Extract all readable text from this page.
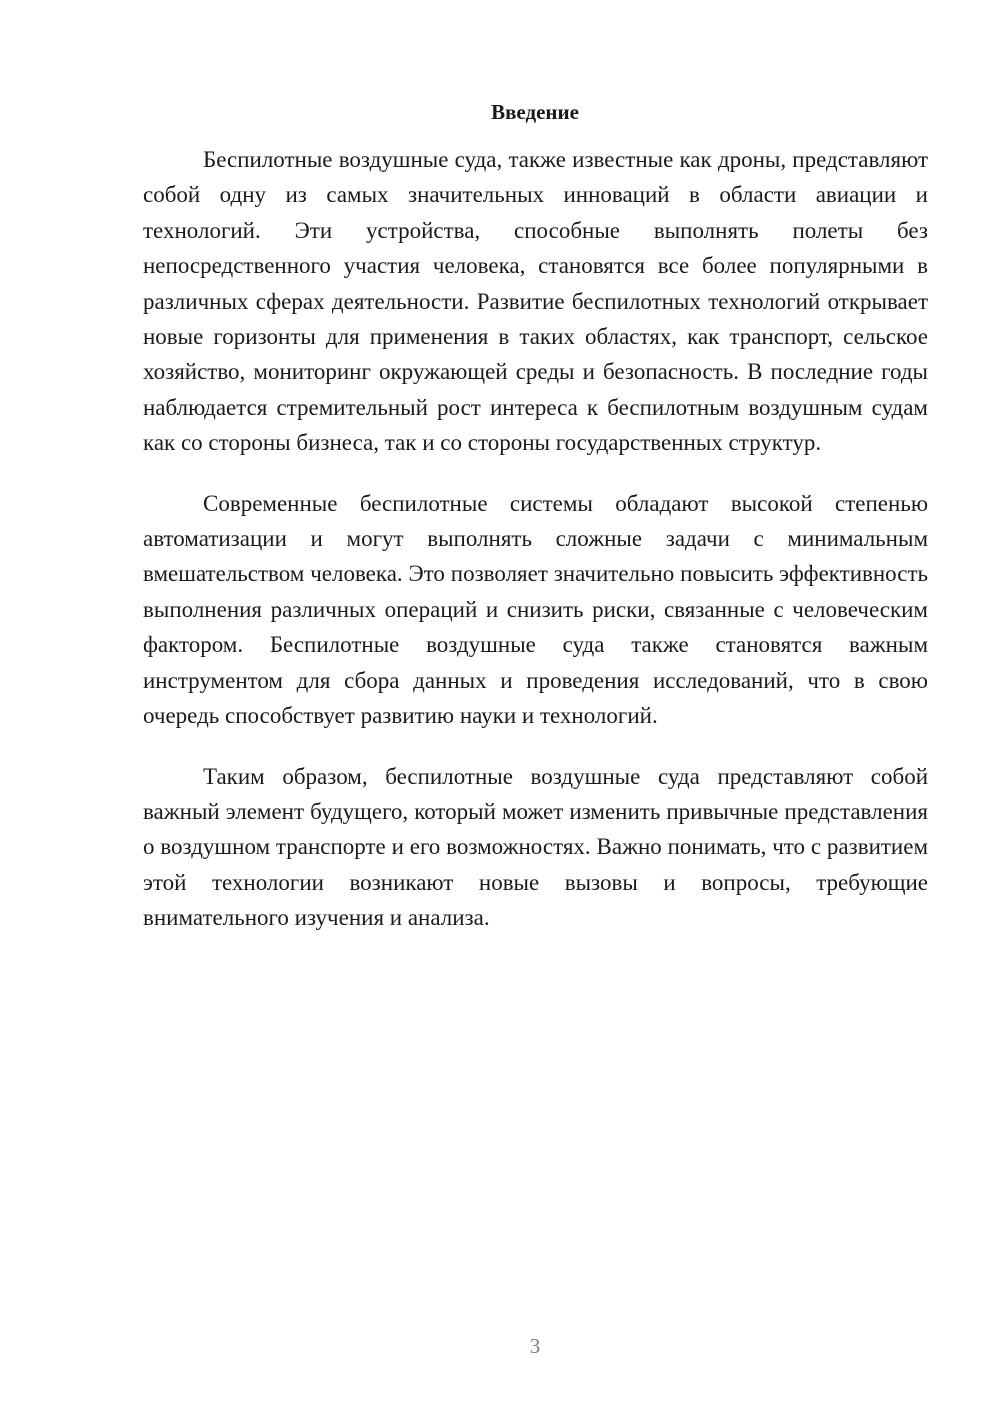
Введение

Беспилотные воздушные суда, также известные как дроны, представляют собой одну из самых значительных инноваций в области авиации и технологий. Эти устройства, способные выполнять полеты без непосредственного участия человека, становятся все более популярными в различных сферах деятельности. Развитие беспилотных технологий открывает новые горизонты для применения в таких областях, как транспорт, сельское хозяйство, мониторинг окружающей среды и безопасность. В последние годы наблюдается стремительный рост интереса к беспилотным воздушным судам как со стороны бизнеса, так и со стороны государственных структур.

Современные беспилотные системы обладают высокой степенью автоматизации и могут выполнять сложные задачи с минимальным вмешательством человека. Это позволяет значительно повысить эффективность выполнения различных операций и снизить риски, связанные с человеческим фактором. Беспилотные воздушные суда также становятся важным инструментом для сбора данных и проведения исследований, что в свою очередь способствует развитию науки и технологий.

Таким образом, беспилотные воздушные суда представляют собой важный элемент будущего, который может изменить привычные представления о воздушном транспорте и его возможностях. Важно понимать, что с развитием этой технологии возникают новые вызовы и вопросы, требующие внимательного изучения и анализа.

3
